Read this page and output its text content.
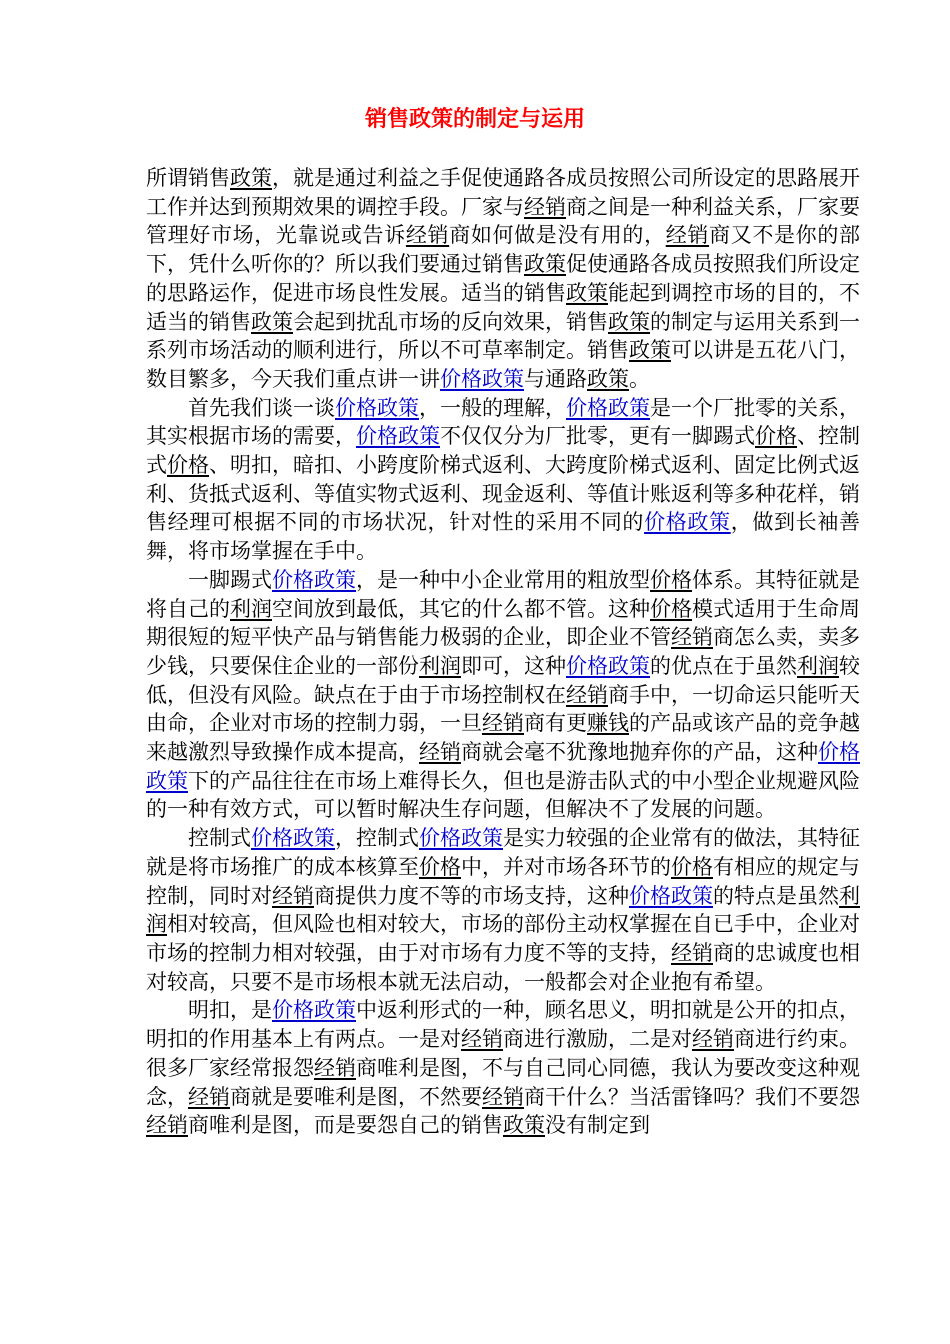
销售政策的制定与运用

所谓销售政策，就是通过利益之手促使通路各成员按照公司所设定的思路展开工作并达到预期效果的调控手段。厂家与经销商之间是一种利益关系，厂家要管理好市场，光靠说或告诉经销商如何做是没有用的，经销商又不是你的部下，凭什么听你的？所以我们要通过销售政策促使通路各成员按照我们所设定的思路运作，促进市场良性发展。适当的销售政策能起到调控市场的目的，不适当的销售政策会起到扰乱市场的反向效果，销售政策的制定与运用关系到一系列市场活动的顺利进行，所以不可草率制定。销售政策可以讲是五花八门，数目繁多，今天我们重点讲一讲价格政策与通路政策。

首先我们谈一谈价格政策，一般的理解，价格政策是一个厂批零的关系，其实根据市场的需要，价格政策不仅仅分为厂批零，更有一脚踢式价格、控制式价格、明扣，暗扣、小跨度阶梯式返利、大跨度阶梯式返利、固定比例式返利、货抵式返利、等值实物式返利、现金返利、等值计账返利等多种花样，销售经理可根据不同的市场状况，针对性的采用不同的价格政策，做到长袖善舞，将市场掌握在手中。

一脚踢式价格政策，是一种中小企业常用的粗放型价格体系。其特征就是将自己的利润空间放到最低，其它的什么都不管。这种价格模式适用于生命周期很短的短平快产品与销售能力极弱的企业，即企业不管经销商怎么卖，卖多少钱，只要保住企业的一部份利润即可，这种价格政策的优点在于虽然利润较低，但没有风险。缺点在于由于市场控制权在经销商手中，一切命运只能听天由命，企业对市场的控制力弱，一旦经销商有更赚钱的产品或该产品的竞争越来越激烈导致操作成本提高，经销商就会毫不犹豫地抛弃你的产品，这种价格政策下的产品往往在市场上难得长久，但也是游击队式的中小型企业规避风险的一种有效方式，可以暂时解决生存问题，但解决不了发展的问题。

控制式价格政策，控制式价格政策是实力较强的企业常有的做法，其特征就是将市场推广的成本核算至价格中，并对市场各环节的价格有相应的规定与控制，同时对经销商提供力度不等的市场支持，这种价格政策的特点是虽然利润相对较高，但风险也相对较大，市场的部份主动权掌握在自已手中，企业对市场的控制力相对较强，由于对市场有力度不等的支持，经销商的忠诚度也相对较高，只要不是市场根本就无法启动，一般都会对企业抱有希望。

明扣，是价格政策中返利形式的一种，顾名思义，明扣就是公开的扣点，明扣的作用基本上有两点。一是对经销商进行激励，二是对经销商进行约束。很多厂家经常报怨经销商唯利是图，不与自己同心同德，我认为要改变这种观念，经销商就是要唯利是图，不然要经销商干什么？当活雷锋吗？我们不要怨经销商唯利是图，而是要怨自己的销售政策没有制定到
